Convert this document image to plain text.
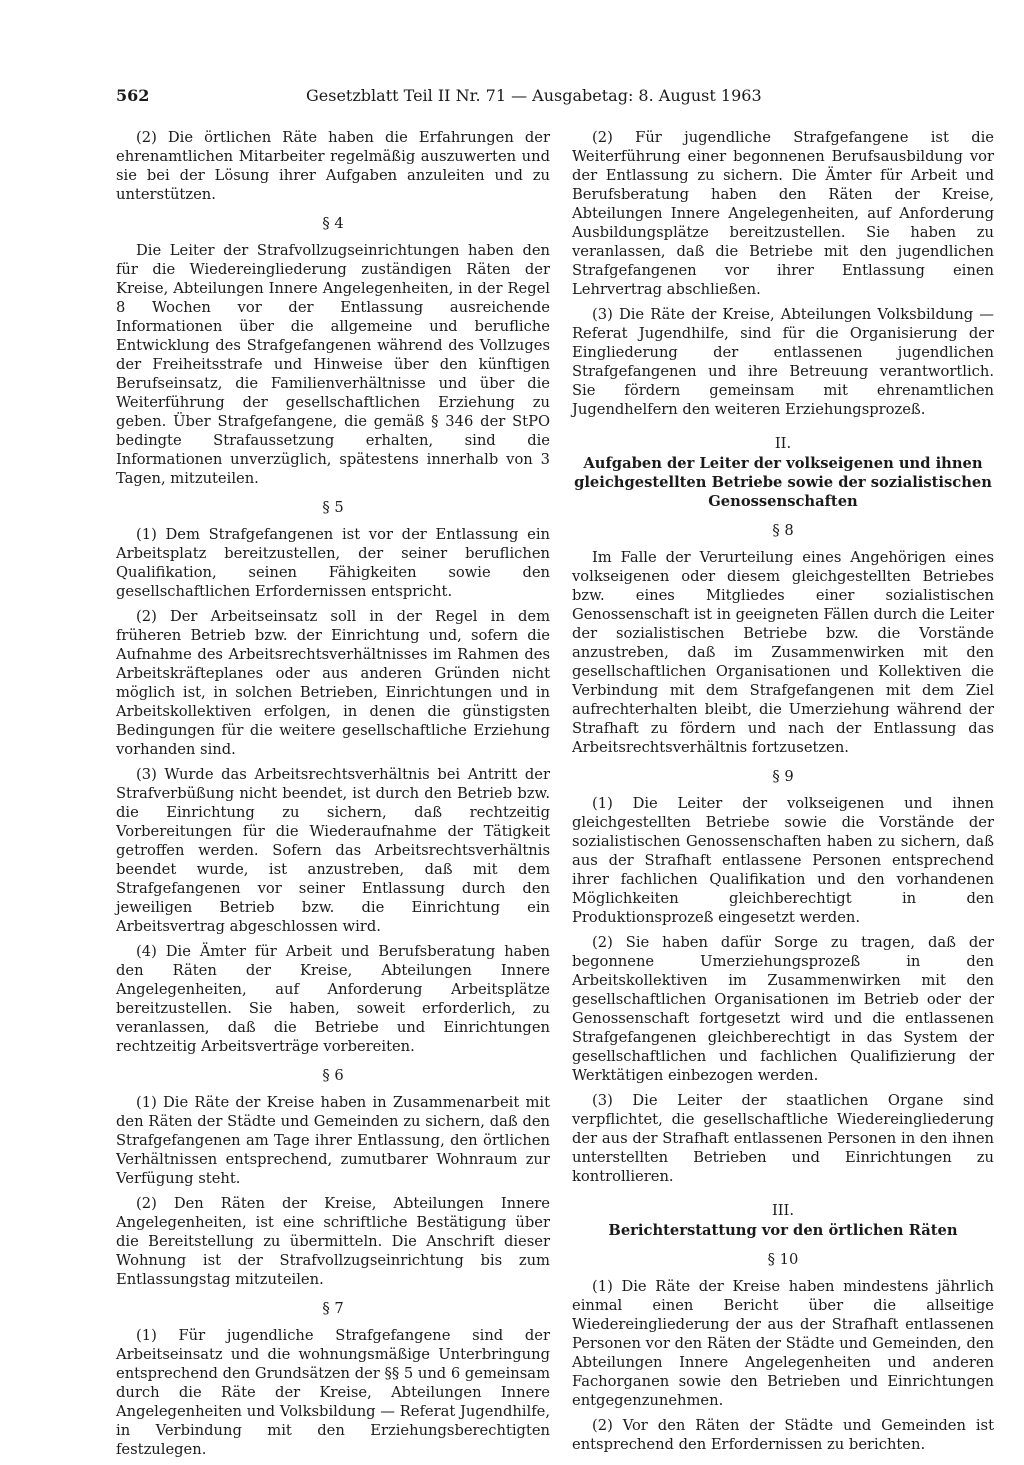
562	Gesetzblatt Teil II Nr. 71 — Ausgabetag: 8. August 1963

(2) Die örtlichen Räte haben die Erfahrungen der ehrenamtlichen Mitarbeiter regelmäßig auszuwerten und sie bei der Lösung ihrer Aufgaben anzuleiten und zu unterstützen.

§ 4

Die Leiter der Strafvollzugseinrichtungen haben den für die Wiedereingliederung zuständigen Räten der Kreise, Abteilungen Innere Angelegenheiten, in der Regel 8 Wochen vor der Entlassung ausreichende Informationen über die allgemeine und berufliche Entwicklung des Strafgefangenen während des Vollzuges der Freiheitsstrafe und Hinweise über den künftigen Berufseinsatz, die Familienverhältnisse und über die Weiterführung der gesellschaftlichen Erziehung zu geben. Über Strafgefangene, die gemäß § 346 der StPO bedingte Strafaussetzung erhalten, sind die Informationen unverzüglich, spätestens innerhalb von 3 Tagen, mitzuteilen.

§ 5

(1) Dem Strafgefangenen ist vor der Entlassung ein Arbeitsplatz bereitzustellen, der seiner beruflichen Qualifikation, seinen Fähigkeiten sowie den gesellschaftlichen Erfordernissen entspricht.

(2) Der Arbeitseinsatz soll in der Regel in dem früheren Betrieb bzw. der Einrichtung und, sofern die Aufnahme des Arbeitsrechtsverhältnisses im Rahmen des Arbeitskräfteplanes oder aus anderen Gründen nicht möglich ist, in solchen Betrieben, Einrichtungen und in Arbeitskollektiven erfolgen, in denen die günstigsten Bedingungen für die weitere gesellschaftliche Erziehung vorhanden sind.

(3) Wurde das Arbeitsrechtsverhältnis bei Antritt der Strafverbüßung nicht beendet, ist durch den Betrieb bzw. die Einrichtung zu sichern, daß rechtzeitig Vorbereitungen für die Wiederaufnahme der Tätigkeit getroffen werden. Sofern das Arbeitsrechtsverhältnis beendet wurde, ist anzustreben, daß mit dem Strafgefangenen vor seiner Entlassung durch den jeweiligen Betrieb bzw. die Einrichtung ein Arbeitsvertrag abgeschlossen wird.

(4) Die Ämter für Arbeit und Berufsberatung haben den Räten der Kreise, Abteilungen Innere Angelegenheiten, auf Anforderung Arbeitsplätze bereitzustellen. Sie haben, soweit erforderlich, zu veranlassen, daß die Betriebe und Einrichtungen rechtzeitig Arbeitsverträge vorbereiten.

§ 6

(1) Die Räte der Kreise haben in Zusammenarbeit mit den Räten der Städte und Gemeinden zu sichern, daß den Strafgefangenen am Tage ihrer Entlassung, den örtlichen Verhältnissen entsprechend, zumutbarer Wohnraum zur Verfügung steht.

(2) Den Räten der Kreise, Abteilungen Innere Angelegenheiten, ist eine schriftliche Bestätigung über die Bereitstellung zu übermitteln. Die Anschrift dieser Wohnung ist der Strafvollzugseinrichtung bis zum Entlassungstag mitzuteilen.

§ 7

(1) Für jugendliche Strafgefangene sind der Arbeitseinsatz und die wohnungsmäßige Unterbringung entsprechend den Grundsätzen der §§ 5 und 6 gemeinsam durch die Räte der Kreise, Abteilungen Innere Angelegenheiten und Volksbildung — Referat Jugendhilfe, in Verbindung mit den Erziehungsberechtigten festzulegen.

(2) Für jugendliche Strafgefangene ist die Weiterführung einer begonnenen Berufsausbildung vor der Entlassung zu sichern. Die Ämter für Arbeit und Berufsberatung haben den Räten der Kreise, Abteilungen Innere Angelegenheiten, auf Anforderung Ausbildungsplätze bereitzustellen. Sie haben zu veranlassen, daß die Betriebe mit den jugendlichen Strafgefangenen vor ihrer Entlassung einen Lehrvertrag abschließen.

(3) Die Räte der Kreise, Abteilungen Volksbildung — Referat Jugendhilfe, sind für die Organisierung der Eingliederung der entlassenen jugendlichen Strafgefangenen und ihre Betreuung verantwortlich. Sie fördern gemeinsam mit ehrenamtlichen Jugendhelfern den weiteren Erziehungsprozeß.

II.
Aufgaben der Leiter der volkseigenen und ihnen gleichgestellten Betriebe sowie der sozialistischen Genossenschaften
§ 8

Im Falle der Verurteilung eines Angehörigen eines volkseigenen oder diesem gleichgestellten Betriebes bzw. eines Mitgliedes einer sozialistischen Genossenschaft ist in geeigneten Fällen durch die Leiter der sozialistischen Betriebe bzw. die Vorstände anzustreben, daß im Zusammenwirken mit den gesellschaftlichen Organisationen und Kollektiven die Verbindung mit dem Strafgefangenen mit dem Ziel aufrechterhalten bleibt, die Umerziehung während der Strafhaft zu fördern und nach der Entlassung das Arbeitsrechtsverhältnis fortzusetzen.

§ 9

(1) Die Leiter der volkseigenen und ihnen gleichgestellten Betriebe sowie die Vorstände der sozialistischen Genossenschaften haben zu sichern, daß aus der Strafhaft entlassene Personen entsprechend ihrer fachlichen Qualifikation und den vorhandenen Möglichkeiten gleichberechtigt in den Produktionsprozeß eingesetzt werden.

(2) Sie haben dafür Sorge zu tragen, daß der begonnene Umerziehungsprozeß in den Arbeitskollektiven im Zusammenwirken mit den gesellschaftlichen Organisationen im Betrieb oder der Genossenschaft fortgesetzt wird und die entlassenen Strafgefangenen gleichberechtigt in das System der gesellschaftlichen und fachlichen Qualifizierung der Werktätigen einbezogen werden.

(3) Die Leiter der staatlichen Organe sind verpflichtet, die gesellschaftliche Wiedereingliederung der aus der Strafhaft entlassenen Personen in den ihnen unterstellten Betrieben und Einrichtungen zu kontrollieren.

III.
Berichterstattung vor den örtlichen Räten
§ 10

(1) Die Räte der Kreise haben mindestens jährlich einmal einen Bericht über die allseitige Wiedereingliederung der aus der Strafhaft entlassenen Personen vor den Räten der Städte und Gemeinden, den Abteilungen Innere Angelegenheiten und anderen Fachorganen sowie den Betrieben und Einrichtungen entgegenzunehmen.

(2) Vor den Räten der Städte und Gemeinden ist entsprechend den Erfordernissen zu berichten.
